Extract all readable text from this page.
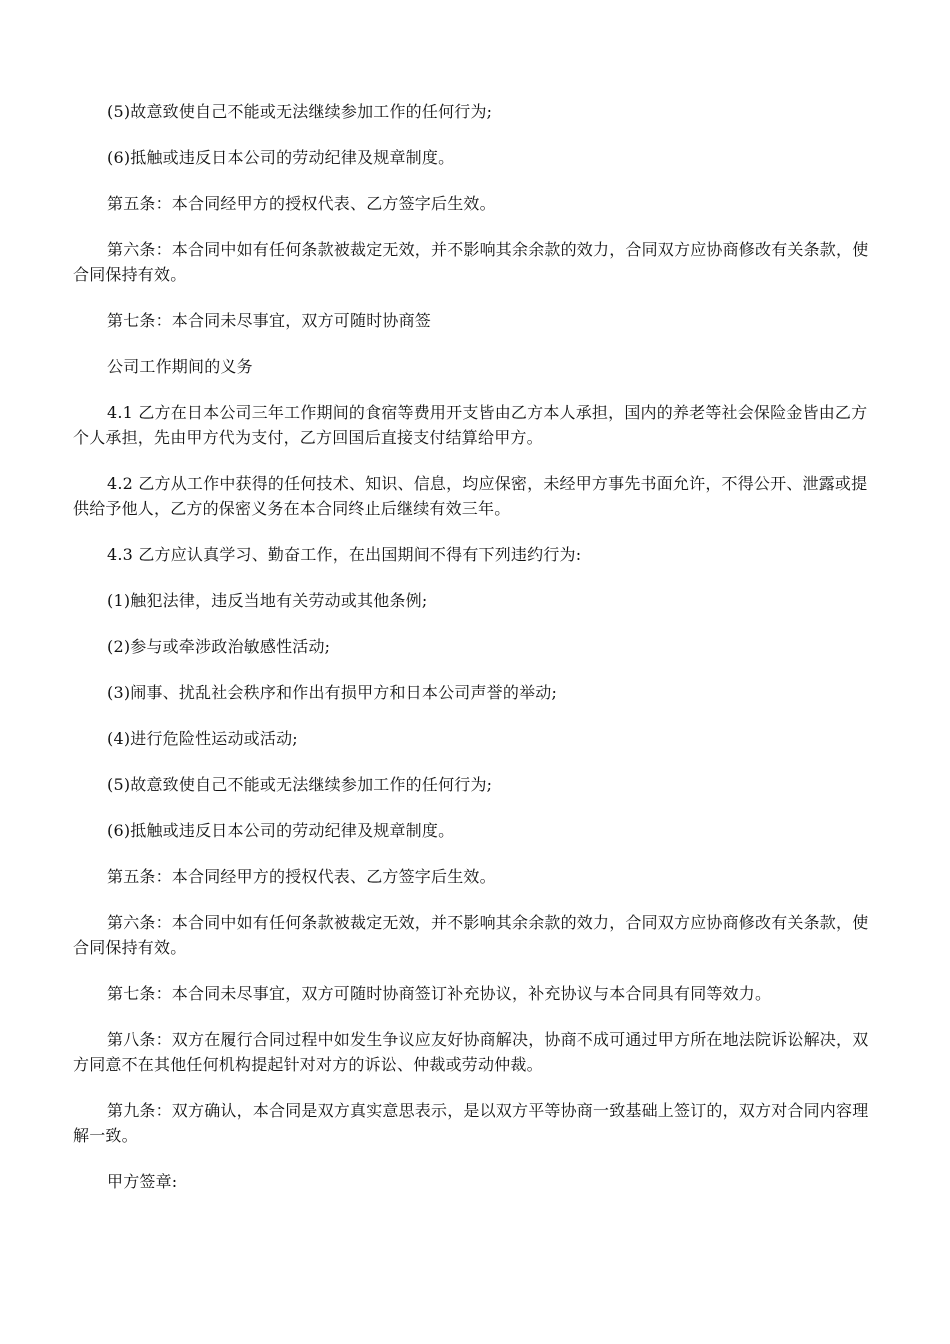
(5)故意致使自己不能或无法继续参加工作的任何行为;

(6)抵触或违反日本公司的劳动纪律及规章制度。

第五条：本合同经甲方的授权代表、乙方签字后生效。

第六条：本合同中如有任何条款被裁定无效，并不影响其余余款的效力，合同双方应协商修改有关条款，使合同保持有效。

第七条：本合同未尽事宜，双方可随时协商签

公司工作期间的义务

4.1 乙方在日本公司三年工作期间的食宿等费用开支皆由乙方本人承担，国内的养老等社会保险金皆由乙方个人承担，先由甲方代为支付，乙方回国后直接支付结算给甲方。

4.2 乙方从工作中获得的任何技术、知识、信息，均应保密，未经甲方事先书面允许，不得公开、泄露或提供给予他人，乙方的保密义务在本合同终止后继续有效三年。

4.3 乙方应认真学习、勤奋工作，在出国期间不得有下列违约行为:

(1)触犯法律，违反当地有关劳动或其他条例;

(2)参与或牵涉政治敏感性活动;

(3)闹事、扰乱社会秩序和作出有损甲方和日本公司声誉的举动;

(4)进行危险性运动或活动;

(5)故意致使自己不能或无法继续参加工作的任何行为;

(6)抵触或违反日本公司的劳动纪律及规章制度。

第五条：本合同经甲方的授权代表、乙方签字后生效。

第六条：本合同中如有任何条款被裁定无效，并不影响其余余款的效力，合同双方应协商修改有关条款，使合同保持有效。

第七条：本合同未尽事宜，双方可随时协商签订补充协议，补充协议与本合同具有同等效力。

第八条：双方在履行合同过程中如发生争议应友好协商解决，协商不成可通过甲方所在地法院诉讼解决，双方同意不在其他任何机构提起针对对方的诉讼、仲裁或劳动仲裁。

第九条：双方确认，本合同是双方真实意思表示，是以双方平等协商一致基础上签订的，双方对合同内容理解一致。

甲方签章:
